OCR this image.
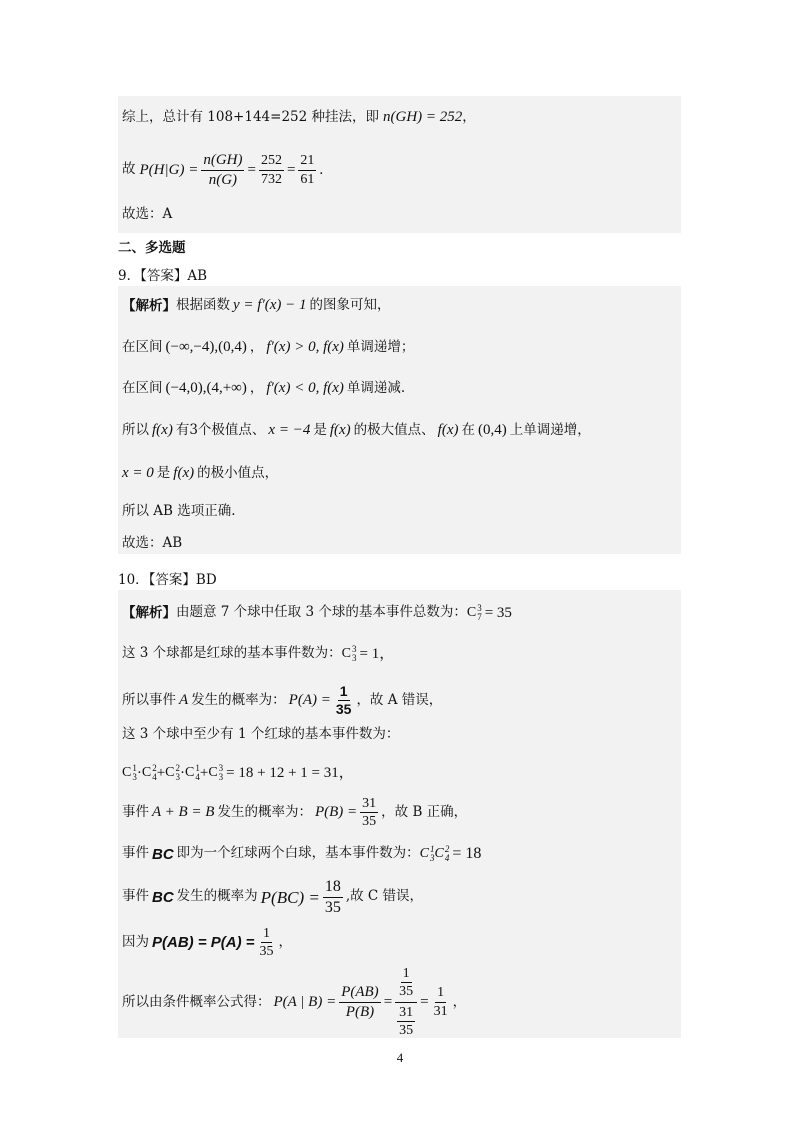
综上，总计有 108+144=252 种挂法，即 n(GH) = 252 ，
故 $P(H|G) = \frac{n(GH)}{n(G)} = \frac{252}{732} = \frac{21}{61}$ .
故选：A
二、多选题
9．【答案】AB
【解析】 根据函数 y = f′(x) − 1 的图象可知，
在区间 (−∞,−4),(0,4) ， f′(x) > 0, f(x) 单调递增；
在区间 (−4,0),(4,+∞) ， f′(x) < 0, f(x) 单调递减.
所以 f(x) 有3个极值点、 x = −4 是 f(x) 的极大值点、 f(x) 在 (0,4) 上单调递增，
x = 0 是 f(x) 的极小值点，
所以 AB 选项正确.
故选：AB
10．【答案】BD
【解析】 由题意 7 个球中任取 3 个球的基本事件总数为： C 3
7 = 35
这 3 个球都是红球的基本事件数为： C 3
3 = 1，
所以事件 A 发生的概率为： $P(A) = \frac{1}{35}$ ，故 A 错误，
这 3 个球中至少有 1 个红球的基本事件数为：
C 1
3 · C 2
4 + C 2
3 · C 1
4 + C 3
3 = 18 + 12 + 1 = 31，
事件 A + B = B 发生的概率为： $P(B) = \frac{31}{35}$ ，故 B 正确，
事件 BC 即为一个红球两个白球，基本事件数为： C 1
3 C 2
4 = 18
事件 BC 发生的概率为 $P(BC) = \frac{18}{35}$ ,故 C 错误，
因为 $P(AB) = P(A) = \frac{1}{35}$ ，
所以由条件概率公式得： P(A | $B) = \frac{P(AB)}{P(B)} = \frac{\frac{1}{35}}{\frac{31}{35}} = \frac{1}{31}$ ，
4
